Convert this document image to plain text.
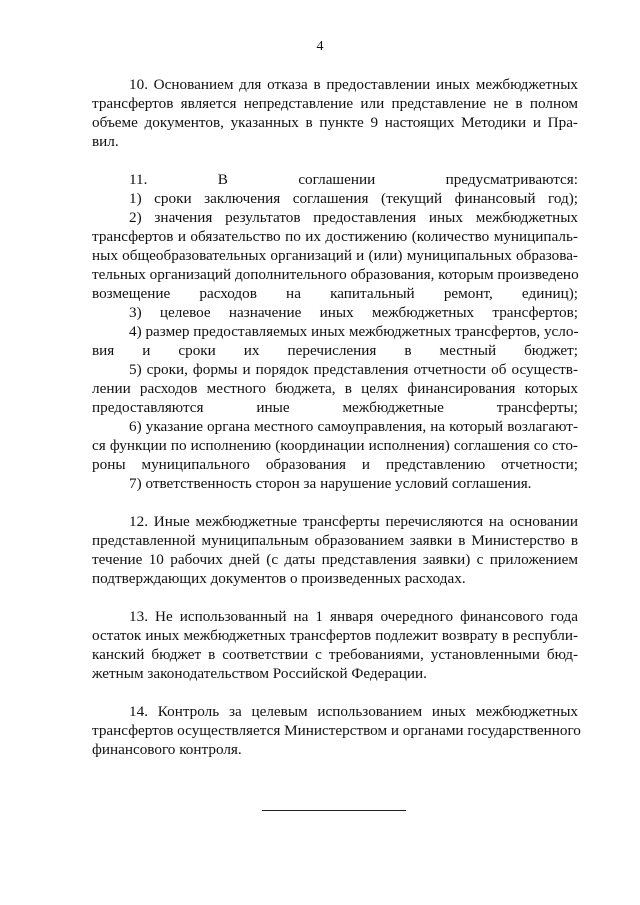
4
10. Основанием для отказа в предоставлении иных межбюджетных
трансфертов является непредставление или представление не в полном
объеме документов, указанных в пункте 9 настоящих Методики и Пра-
вил.
11. В соглашении предусматриваются:
1) сроки заключения соглашения (текущий финансовый год);
2) значения результатов предоставления иных межбюджетных
трансфертов и обязательство по их достижению (количество муниципаль-
ных общеобразовательных организаций и (или) муниципальных образова-
тельных организаций дополнительного образования, которым произведено
возмещение расходов на капитальный ремонт, единиц);
3) целевое назначение иных межбюджетных трансфертов;
4) размер предоставляемых иных межбюджетных трансфертов, усло-
вия и сроки их перечисления в местный бюджет;
5) сроки, формы и порядок представления отчетности об осуществ-
лении расходов местного бюджета, в целях финансирования которых
предоставляются иные межбюджетные трансферты;
6) указание органа местного самоуправления, на который возлагают-
ся функции по исполнению (координации исполнения) соглашения со сто-
роны муниципального образования и представлению отчетности;
7) ответственность сторон за нарушение условий соглашения.
12. Иные межбюджетные трансферты перечисляются на основании
представленной муниципальным образованием заявки в Министерство в
течение 10 рабочих дней (с даты представления заявки) с приложением
подтверждающих документов о произведенных расходах.
13. Не использованный на 1 января очередного финансового года
остаток иных межбюджетных трансфертов подлежит возврату в республи-
канский бюджет в соответствии с требованиями, установленными бюд-
жетным законодательством Российской Федерации.
14. Контроль за целевым использованием иных межбюджетных
трансфертов осуществляется Министерством и органами государственного
финансового контроля.
